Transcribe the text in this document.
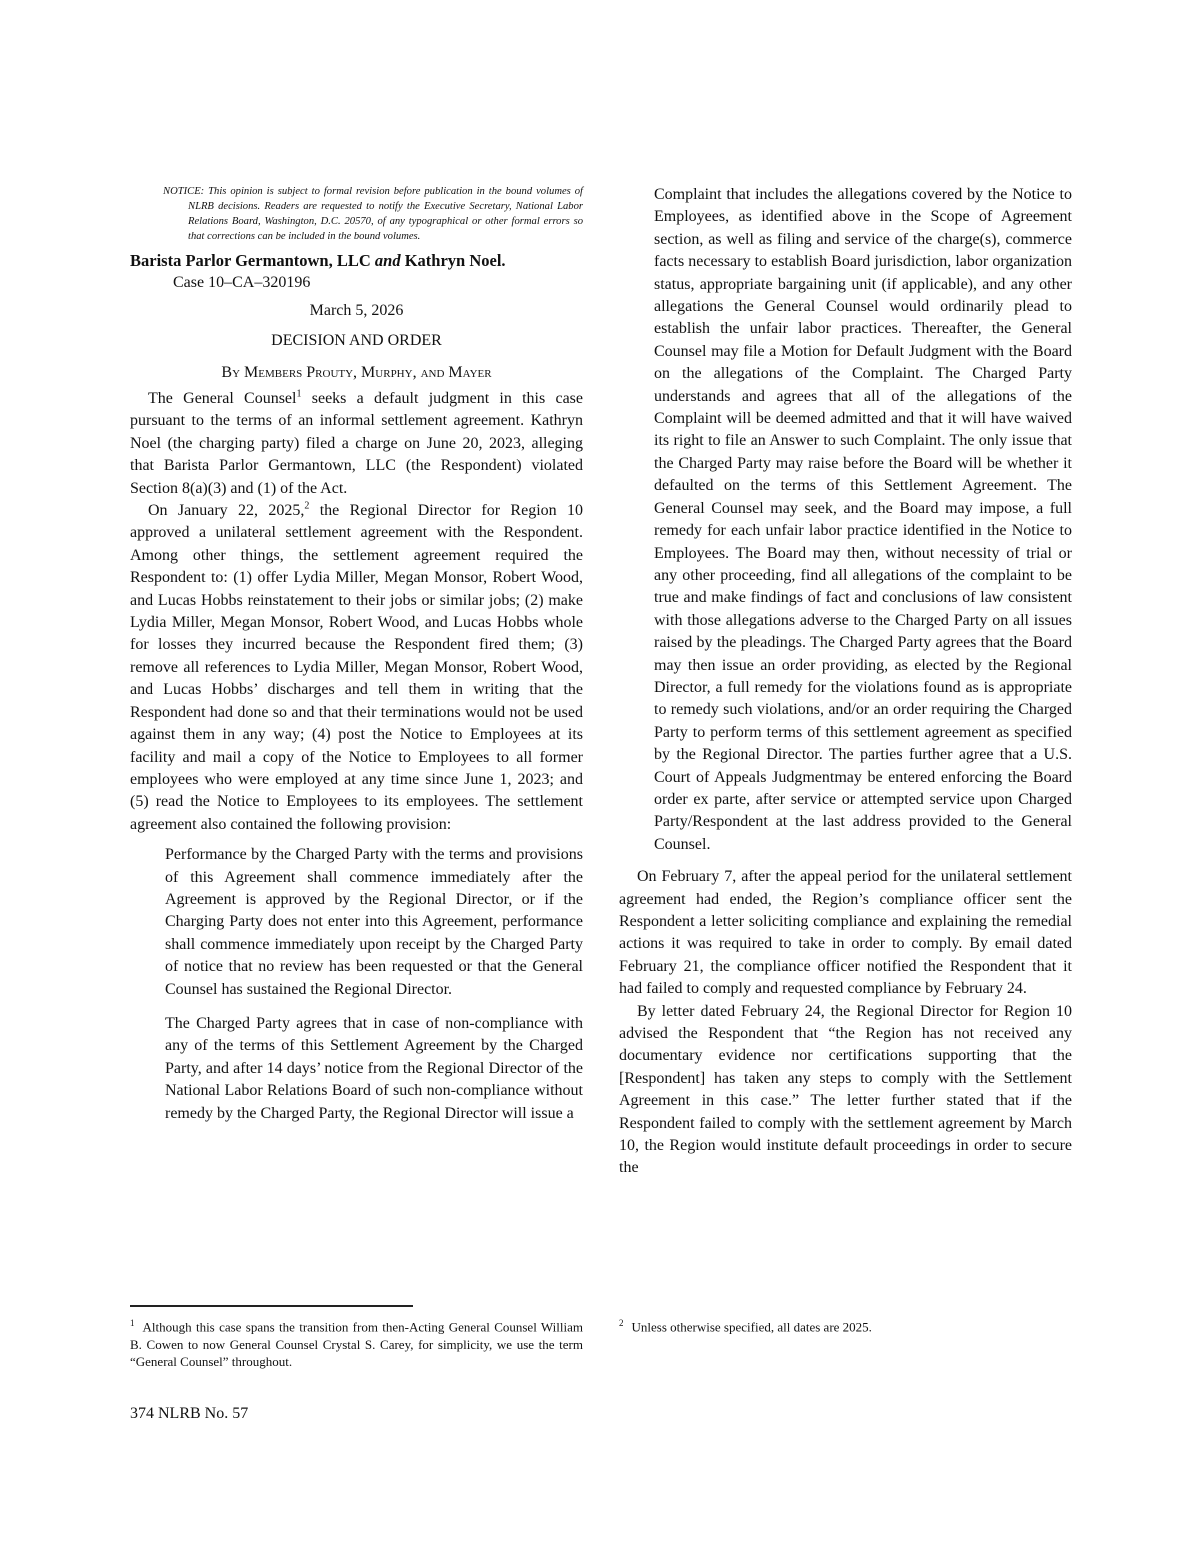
NOTICE: This opinion is subject to formal revision before publication in the bound volumes of NLRB decisions. Readers are requested to notify the Executive Secretary, National Labor Relations Board, Washington, D.C. 20570, of any typographical or other formal errors so that corrections can be included in the bound volumes.

Barista Parlor Germantown, LLC and Kathryn Noel.

Case 10–CA–320196

March 5, 2026

DECISION AND ORDER

By Members Prouty, Murphy, and Mayer

The General Counsel$^1$ seeks a default judgment in this case pursuant to the terms of an informal settlement agreement. Kathryn Noel (the charging party) filed a charge on June 20, 2023, alleging that Barista Parlor Germantown, LLC (the Respondent) violated Section 8(a)(3) and (1) of the Act.

On January 22, 2025,$^2$ the Regional Director for Region 10 approved a unilateral settlement agreement with the Respondent. Among other things, the settlement agreement required the Respondent to: (1) offer Lydia Miller, Megan Monsor, Robert Wood, and Lucas Hobbs reinstatement to their jobs or similar jobs; (2) make Lydia Miller, Megan Monsor, Robert Wood, and Lucas Hobbs whole for losses they incurred because the Respondent fired them; (3) remove all references to Lydia Miller, Megan Monsor, Robert Wood, and Lucas Hobbs’ discharges and tell them in writing that the Respondent had done so and that their terminations would not be used against them in any way; (4) post the Notice to Employees at its facility and mail a copy of the Notice to Employees to all former employees who were employed at any time since June 1, 2023; and (5) read the Notice to Employees to its employees. The settlement agreement also contained the following provision:

Performance by the Charged Party with the terms and provisions of this Agreement shall commence immediately after the Agreement is approved by the Regional Director, or if the Charging Party does not enter into this Agreement, performance shall commence immediately upon receipt by the Charged Party of notice that no review has been requested or that the General Counsel has sustained the Regional Director.

The Charged Party agrees that in case of non-compliance with any of the terms of this Settlement Agreement by the Charged Party, and after 14 days’ notice from the Regional Director of the National Labor Relations Board of such non-compliance without remedy by the Charged Party, the Regional Director will issue a

Complaint that includes the allegations covered by the Notice to Employees, as identified above in the Scope of Agreement section, as well as filing and service of the charge(s), commerce facts necessary to establish Board jurisdiction, labor organization status, appropriate bargaining unit (if applicable), and any other allegations the General Counsel would ordinarily plead to establish the unfair labor practices. Thereafter, the General Counsel may file a Motion for Default Judgment with the Board on the allegations of the Complaint. The Charged Party understands and agrees that all of the allegations of the Complaint will be deemed admitted and that it will have waived its right to file an Answer to such Complaint. The only issue that the Charged Party may raise before the Board will be whether it defaulted on the terms of this Settlement Agreement. The General Counsel may seek, and the Board may impose, a full remedy for each unfair labor practice identified in the Notice to Employees. The Board may then, without necessity of trial or any other proceeding, find all allegations of the complaint to be true and make findings of fact and conclusions of law consistent with those allegations adverse to the Charged Party on all issues raised by the pleadings. The Charged Party agrees that the Board may then issue an order providing, as elected by the Regional Director, a full remedy for the violations found as is appropriate to remedy such violations, and/or an order requiring the Charged Party to perform terms of this settlement agreement as specified by the Regional Director. The parties further agree that a U.S. Court of Appeals Judgmentmay be entered enforcing the Board order ex parte, after service or attempted service upon Charged Party/Respondent at the last address provided to the General Counsel.

On February 7, after the appeal period for the unilateral settlement agreement had ended, the Region’s compliance officer sent the Respondent a letter soliciting compliance and explaining the remedial actions it was required to take in order to comply. By email dated February 21, the compliance officer notified the Respondent that it had failed to comply and requested compliance by February 24.

By letter dated February 24, the Regional Director for Region 10 advised the Respondent that “the Region has not received any documentary evidence nor certifications supporting that the [Respondent] has taken any steps to comply with the Settlement Agreement in this case.” The letter further stated that if the Respondent failed to comply with the settlement agreement by March 10, the Region would institute default proceedings in order to secure the

$^1$ Although this case spans the transition from then-Acting General Counsel William B. Cowen to now General Counsel Crystal S. Carey, for simplicity, we use the term “General Counsel” throughout.
$^2$ Unless otherwise specified, all dates are 2025.
374 NLRB No. 57
